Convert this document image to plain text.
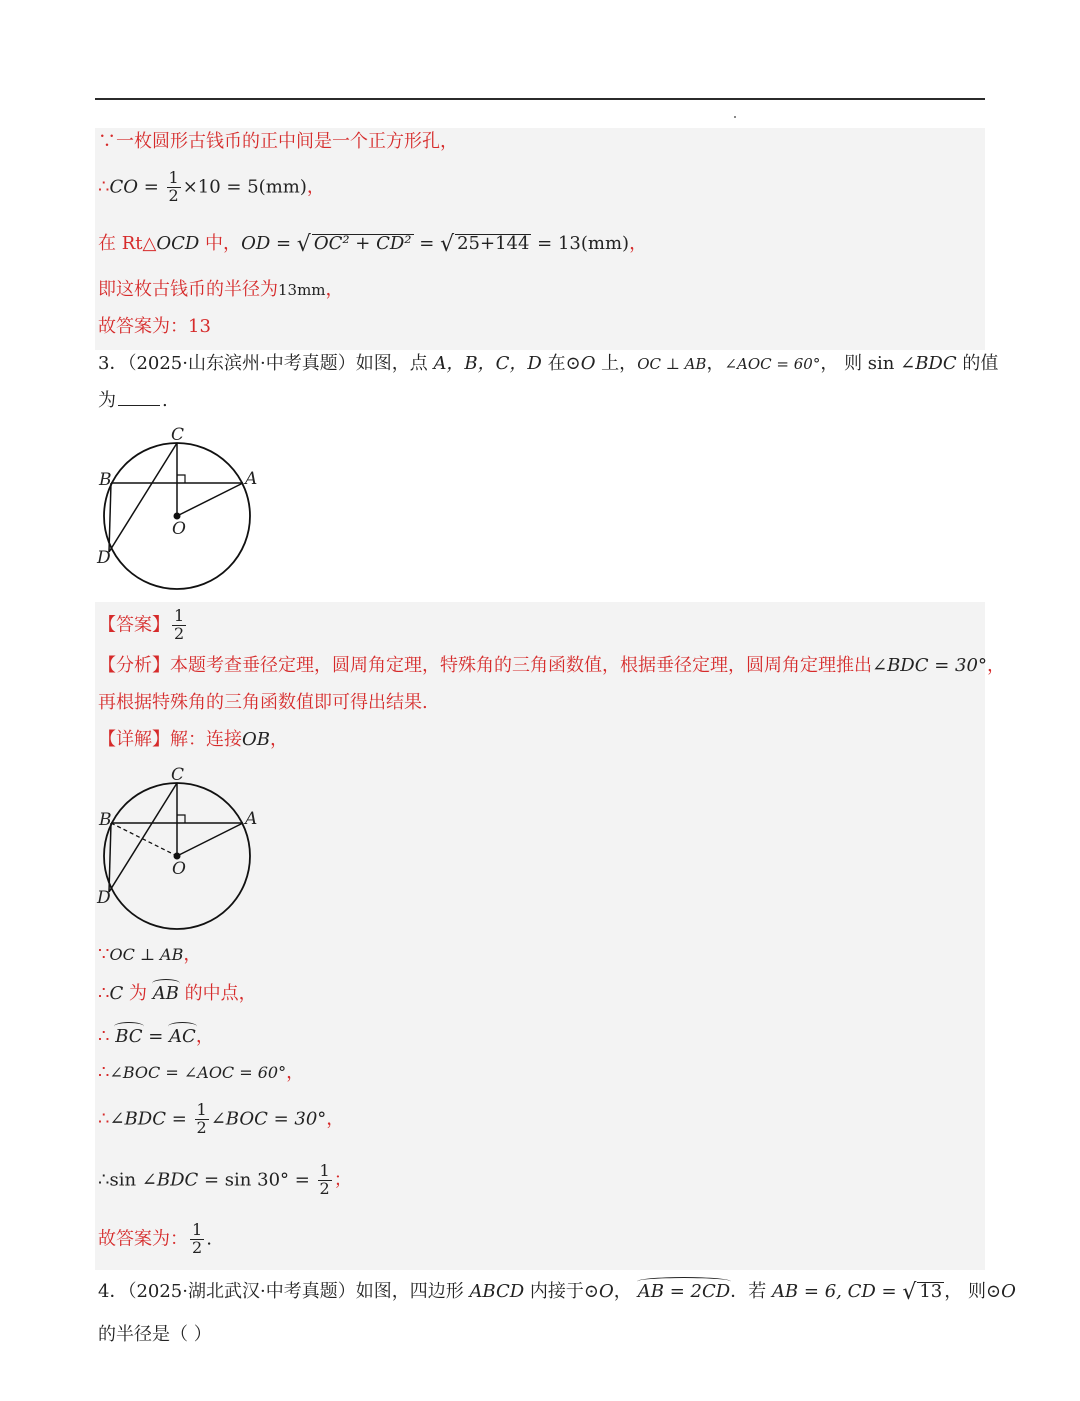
∵一枚圆形古钱币的正中间是一个正方形孔，
∴CO = $\frac{1}{2} \times 10 = 5(mm)$，
在 Rt△OCD 中，OD = √ OC² + CD² = √ 25+144 = 13(mm)，
即这枚古钱币的半径为13mm，
故答案为：13
3．（2025·山东滨州·中考真题）如图，点 A，B，C，D 在⊙O 上，OC ⊥ AB，∠AOC = 60°， 则 sin ∠BDC 的值
为	.
C
B	A
O
D
【答案】 $\frac{1}{2}$
【分析】本题考查垂径定理，圆周角定理，特殊角的三角函数值，根据垂径定理，圆周角定理推出∠BDC = 30°，
再根据特殊角的三角函数值即可得出结果.
【详解】解：连接OB，
C
B	A
O
D
∵OC ⊥ AB，
∴C 为 AB 的中点，
∴ BC = AC，
∴∠BOC = ∠AOC = 60°，
∴∠BDC = $\frac{1}{2}$ ∠BOC = 30°，
∴sin ∠BDC = $\sin 30^\circ = \frac{1}{2}$ ；
故答案为： $\frac{1}{2}$ .
4．（2025·湖北武汉·中考真题）如图，四边形 ABCD 内接于⊙O， AB = 2CD．若 AB = 6, CD = √ 13 ， 则⊙O
的半径是（ ）
